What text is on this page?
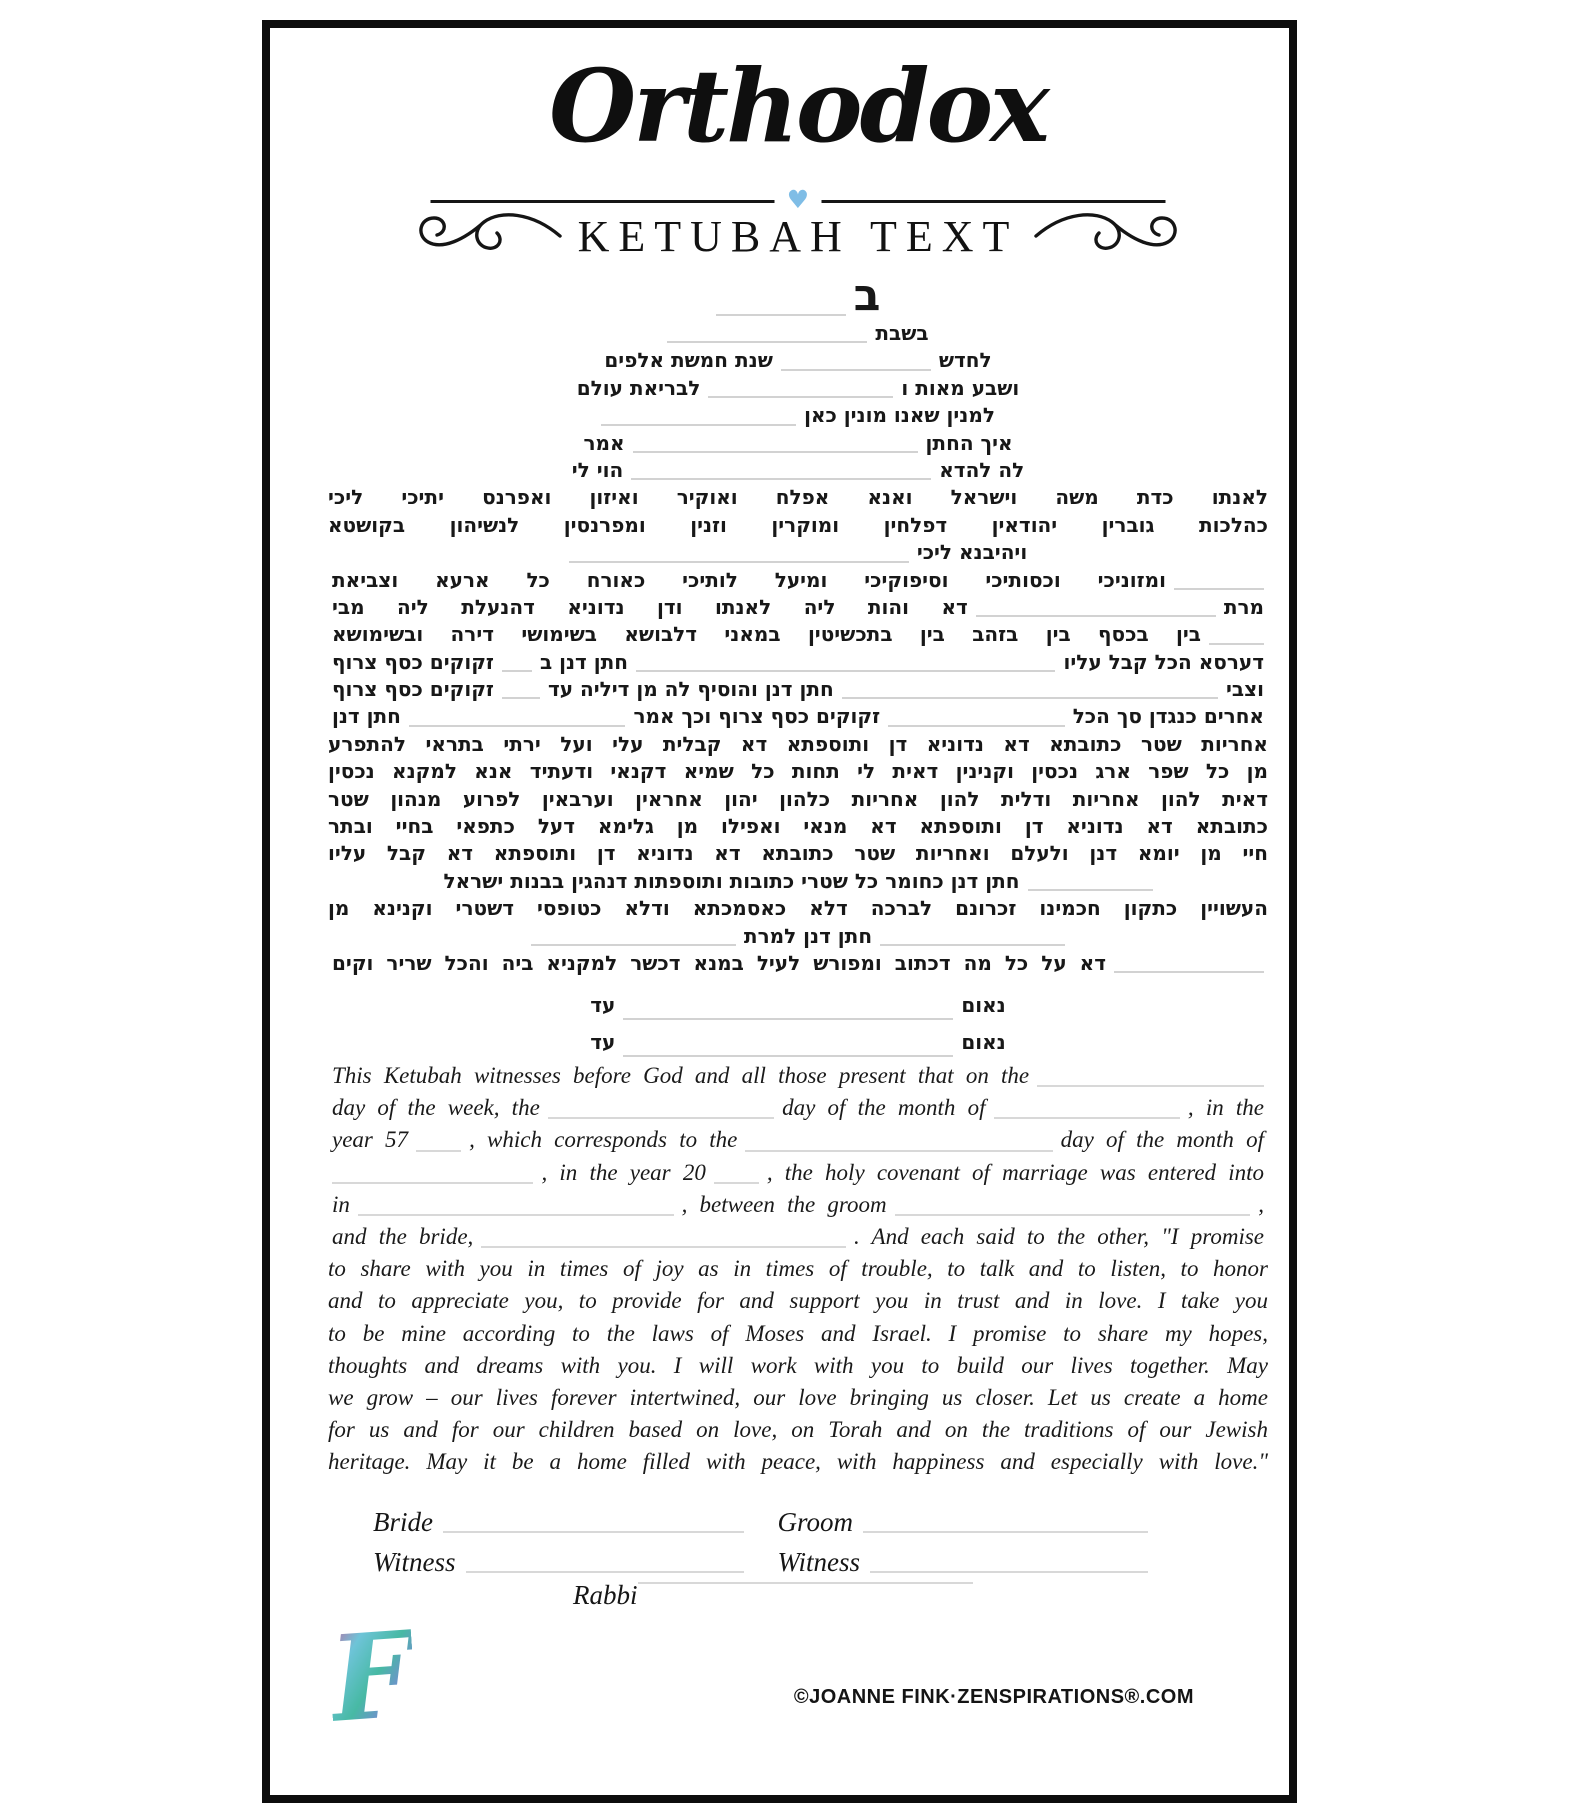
Orthodox
♥
KETUBAH TEXT
ב
בשבת
לחדש
שנת חמשת אלפים
ושבע מאות ו
לבריאת עולם
למנין שאנו מונין כאן
איך החתן
אמר
לה להדא
הוי לי
לאנתו כדת משה וישראל ואנא אפלח ואוקיר ואיזון ואפרנס יתיכי ליכי
כהלכות גוברין יהודאין דפלחין ומוקרין וזנין ומפרנסין לנשיהון בקושטא
ויהיבנא ליכי
ומזוניכי וכסותיכי וסיפוקיכי ומיעל לותיכי כאורח כל ארעא וצביאת
מרת
דא והות ליה לאנתו ודן נדוניא דהנעלת ליה מבי
בין בכסף בין בזהב בין בתכשיטין במאני דלבושא בשימושי דירה ובשימושא
דערסא הכל קבל עליו
חתן דנן ב
זקוקים כסף צרוף
וצבי
חתן דנן והוסיף לה מן דיליה עד
זקוקים כסף צרוף
אחרים כנגדן סך הכל
זקוקים כסף צרוף וכך אמר
חתן דנן
אחריות שטר כתובתא דא נדוניא דן ותוספתא דא קבלית עלי ועל ירתי בתראי להתפרע
מן כל שפר ארג נכסין וקנינין דאית לי תחות כל שמיא דקנאי ודעתיד אנא למקנא נכסין
דאית להון אחריות ודלית להון אחריות כלהון יהון אחראין וערבאין לפרוע מנהון שטר
כתובתא דא נדוניא דן ותוספתא דא מנאי ואפילו מן גלימא דעל כתפאי בחיי ובתר
חיי מן יומא דנן ולעלם ואחריות שטר כתובתא דא נדוניא דן ותוספתא דא קבל עליו
חתן דנן כחומר כל שטרי כתובות ותוספתות דנהגין בבנות ישראל
העשויין כתקון חכמינו זכרונם לברכה דלא כאסמכתא ודלא כטופסי דשטרי וקנינא מן
חתן דנן למרת
דא על כל מה דכתוב ומפורש לעיל במנא דכשר למקניא ביה והכל שריר וקים
נאום
עד
נאום
עד
This Ketubah witnesses before God and all those present that on the
day of the week, the	day of the month of	, in the
year 57	, which corresponds to the	day of the month of
, in the year 20	, the holy covenant of marriage was entered into
in	, between the groom	,
and the bride,	. And each said to the other, "I promise
to share with you in times of joy as in times of trouble, to talk and to listen, to honor
and to appreciate you, to provide for and support you in trust and in love. I take you
to be mine according to the laws of Moses and Israel. I promise to share my hopes,
thoughts and dreams with you. I will work with you to build our lives together. May
we grow – our lives forever intertwined, our love bringing us closer. Let us create a home
for us and for our children based on love, on Torah and on the traditions of our Jewish
heritage. May it be a home filled with peace, with happiness and especially with love."
Bride	Groom
Witness	Witness
Rabbi
F	©JOANNE FINK·ZENSPIRATIONS®.COM
